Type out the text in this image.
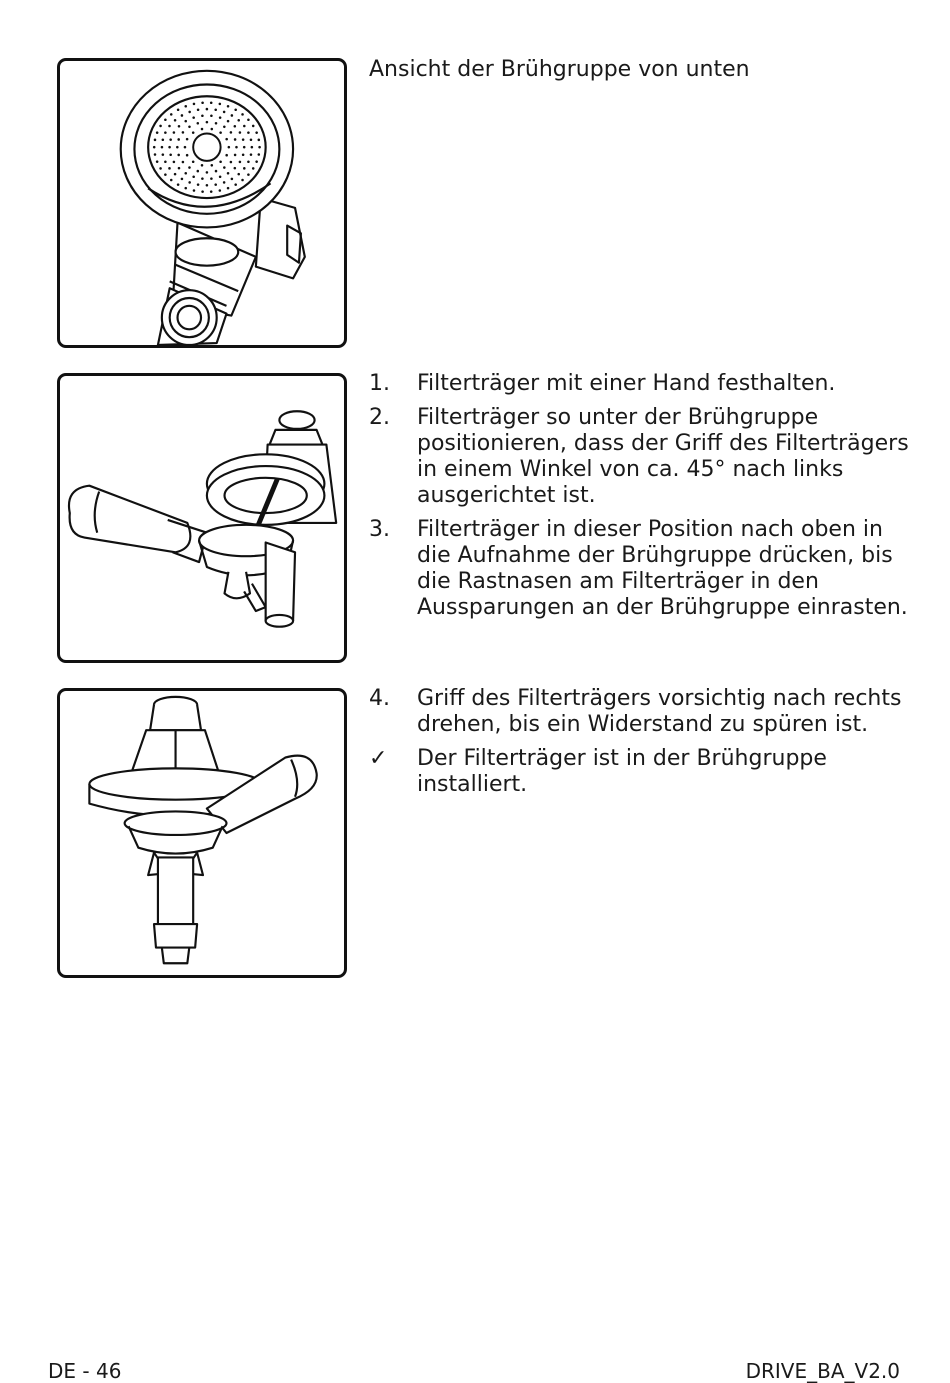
Ansicht der Brühgruppe von unten
1.	Filterträger mit einer Hand festhalten.
2.	Filterträger so unter der Brühgruppe positionieren, dass der Griff des Filterträgers in einem Winkel von ca. 45° nach links ausgerichtet ist.
3.	Filterträger in dieser Position nach oben in die Aufnahme der Brühgruppe drücken, bis die Rastnasen am Filterträger in den Aussparungen an der Brühgruppe einrasten.
4.	Griff des Filterträgers vorsichtig nach rechts drehen, bis ein Widerstand zu spüren ist.
✓	Der Filterträger ist in der Brühgruppe installiert.
DE - 46	DRIVE_BA_V2.0
